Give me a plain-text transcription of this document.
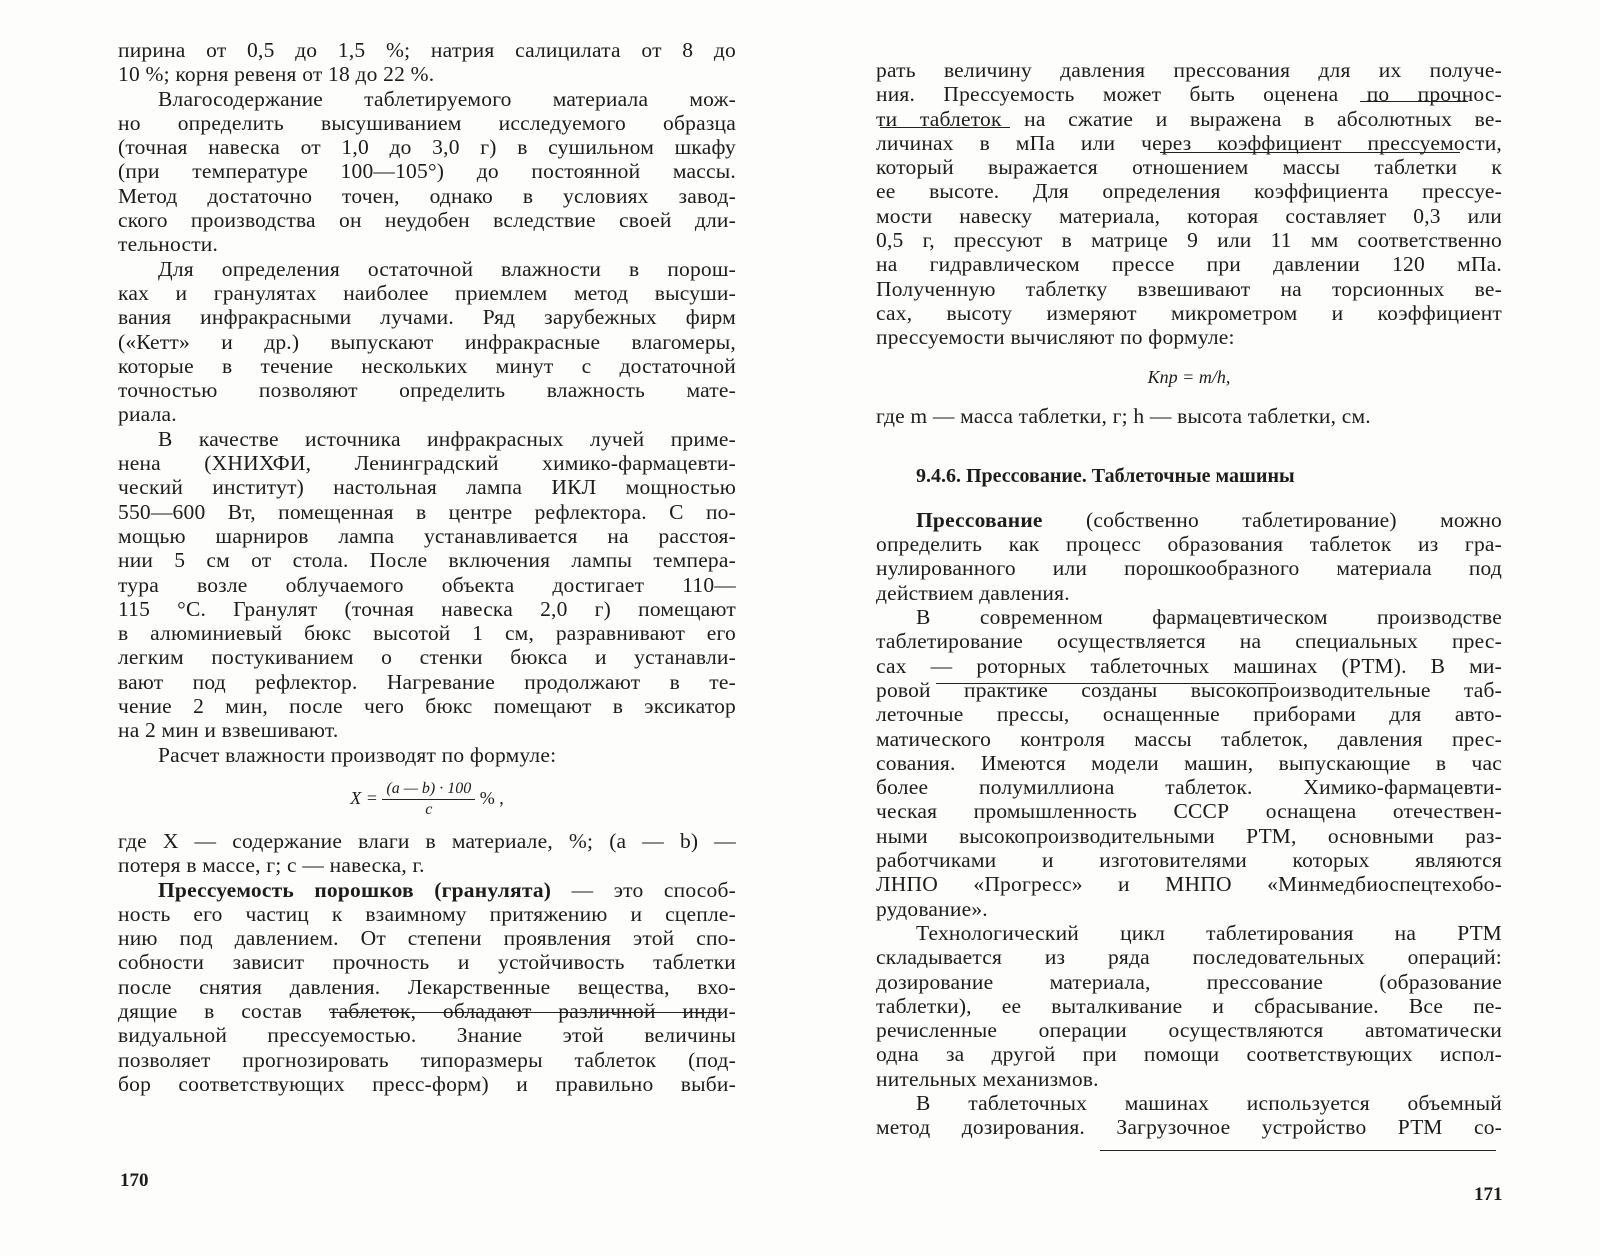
пирина от 0,5 до 1,5 %; натрия салицилата от 8 до
10 %; корня ревеня от 18 до 22 %.
Влагосодержание таблетируемого материала мож-
но определить высушиванием исследуемого образца
(точная навеска от 1,0 до 3,0 г) в сушильном шкафу
(при температуре 100—105°) до постоянной массы.
Метод достаточно точен, однако в условиях завод-
ского производства он неудобен вследствие своей дли-
тельности.
Для определения остаточной влажности в порош-
ках и гранулятах наиболее приемлем метод высуши-
вания инфракрасными лучами. Ряд зарубежных фирм
(«Кетт» и др.) выпускают инфракрасные влагомеры,
которые в течение нескольких минут с достаточной
точностью позволяют определить влажность мате-
риала.
В качестве источника инфракрасных лучей приме-
нена (ХНИХФИ, Ленинградский химико-фармацевти-
ческий институт) настольная лампа ИКЛ мощностью
550—600 Вт, помещенная в центре рефлектора. С по-
мощью шарниров лампа устанавливается на расстоя-
нии 5 см от стола. После включения лампы темпера-
тура возле облучаемого объекта достигает 110—
115 °С. Гранулят (точная навеска 2,0 г) помещают
в алюминиевый бюкс высотой 1 см, разравнивают его
легким постукиванием о стенки бюкса и устанавли-
вают под рефлектор. Нагревание продолжают в те-
чение 2 мин, после чего бюкс помещают в эксикатор
на 2 мин и взвешивают.
Расчет влажности производят по формуле:
$X = \frac{(a — b) \cdot 100}{c}$ % ,
где X — содержание влаги в материале, %; (a — b) —
потеря в массе, г; c — навеска, г.
Прессуемость порошков (гранулята) — это способ-
ность его частиц к взаимному притяжению и сцепле-
нию под давлением. От степени проявления этой спо-
собности зависит прочность и устойчивость таблетки
после снятия давления. Лекарственные вещества, вхо-
дящие в состав таблеток, обладают различной инди-
видуальной прессуемостью. Знание этой величины
позволяет прогнозировать типоразмеры таблеток (под-
бор соответствующих пресс-форм) и правильно выби-
170
рать величину давления прессования для их получе-
ния. Прессуемость может быть оценена по прочнос-
ти таблеток на сжатие и выражена в абсолютных ве-
личинах в мПа или через коэффициент прессуемости,
который выражается отношением массы таблетки к
ее высоте. Для определения коэффициента прессуе-
мости навеску материала, которая составляет 0,3 или
0,5 г, прессуют в матрице 9 или 11 мм соответственно
на гидравлическом прессе при давлении 120 мПа.
Полученную таблетку взвешивают на торсионных ве-
сах, высоту измеряют микрометром и коэффициент
прессуемости вычисляют по формуле:
Kпр = m/h,
где m — масса таблетки, г; h — высота таблетки, см.
9.4.6. Прессование. Таблеточные машины
Прессование (собственно таблетирование) можно
определить как процесс образования таблеток из гра-
нулированного или порошкообразного материала под
действием давления.
В современном фармацевтическом производстве
таблетирование осуществляется на специальных прес-
сах — роторных таблеточных машинах (РТМ). В ми-
ровой практике созданы высокопроизводительные таб-
леточные прессы, оснащенные приборами для авто-
матического контроля массы таблеток, давления прес-
сования. Имеются модели машин, выпускающие в час
более полумиллиона таблеток. Химико-фармацевти-
ческая промышленность СССР оснащена отечествен-
ными высокопроизводительными РТМ, основными раз-
работчиками и изготовителями которых являются
ЛНПО «Прогресс» и МНПО «Минмедбиоспецтехобо-
рудование».
Технологический цикл таблетирования на РТМ
складывается из ряда последовательных операций:
дозирование материала, прессование (образование
таблетки), ее выталкивание и сбрасывание. Все пе-
речисленные операции осуществляются автоматически
одна за другой при помощи соответствующих испол-
нительных механизмов.
В таблеточных машинах используется объемный
метод дозирования. Загрузочное устройство РТМ со-
171
